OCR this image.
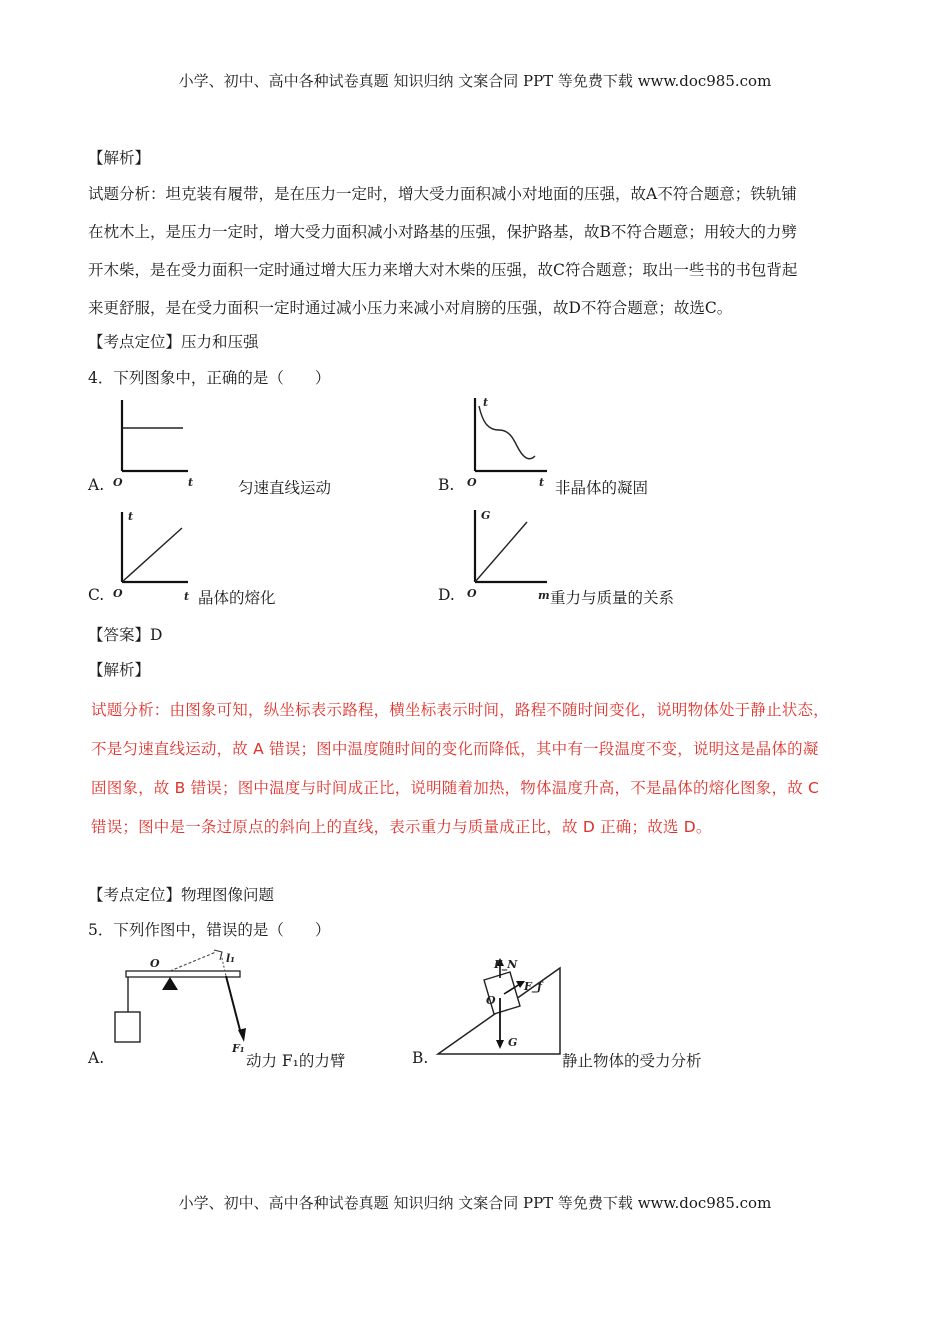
小学、初中、高中各种试卷真题 知识归纳 文案合同 PPT 等免费下载 www.doc985.com
【解析】
试题分析：坦克装有履带，是在压力一定时，增大受力面积减小对地面的压强，故A不符合题意；铁轨铺
在枕木上，是压力一定时，增大受力面积减小对路基的压强，保护路基，故B不符合题意；用较大的力劈
开木柴，是在受力面积一定时通过增大压力来增大对木柴的压强，故C符合题意；取出一些书的书包背起
来更舒服，是在受力面积一定时通过减小压力来减小对肩膀的压强，故D不符合题意；故选C。
【考点定位】压力和压强
4．下列图象中，正确的是（　　）
O	t
A.	匀速直线运动
t
O	t
B.	非晶体的凝固
t
O	t
C.	晶体的熔化
G
O	m
D.	重力与质量的关系
【答案】D
【解析】
试题分析：由图象可知，纵坐标表示路程，横坐标表示时间，路程不随时间变化，说明物体处于静止状态，
不是匀速直线运动，故 A 错误；图中温度随时间的变化而降低，其中有一段温度不变，说明这是晶体的凝
固图象，故 B 错误；图中温度与时间成正比，说明随着加热，物体温度升高，不是晶体的熔化图象，故 C
错误；图中是一条过原点的斜向上的直线，表示重力与质量成正比，故 D 正确；故选 D。
【考点定位】物理图像问题
5．下列作图中，错误的是（　　）
O	l₁
F₁
A.	动力 F₁的力臂
F_N
F_f
O
G
B.	静止物体的受力分析
小学、初中、高中各种试卷真题 知识归纳 文案合同 PPT 等免费下载 www.doc985.com
